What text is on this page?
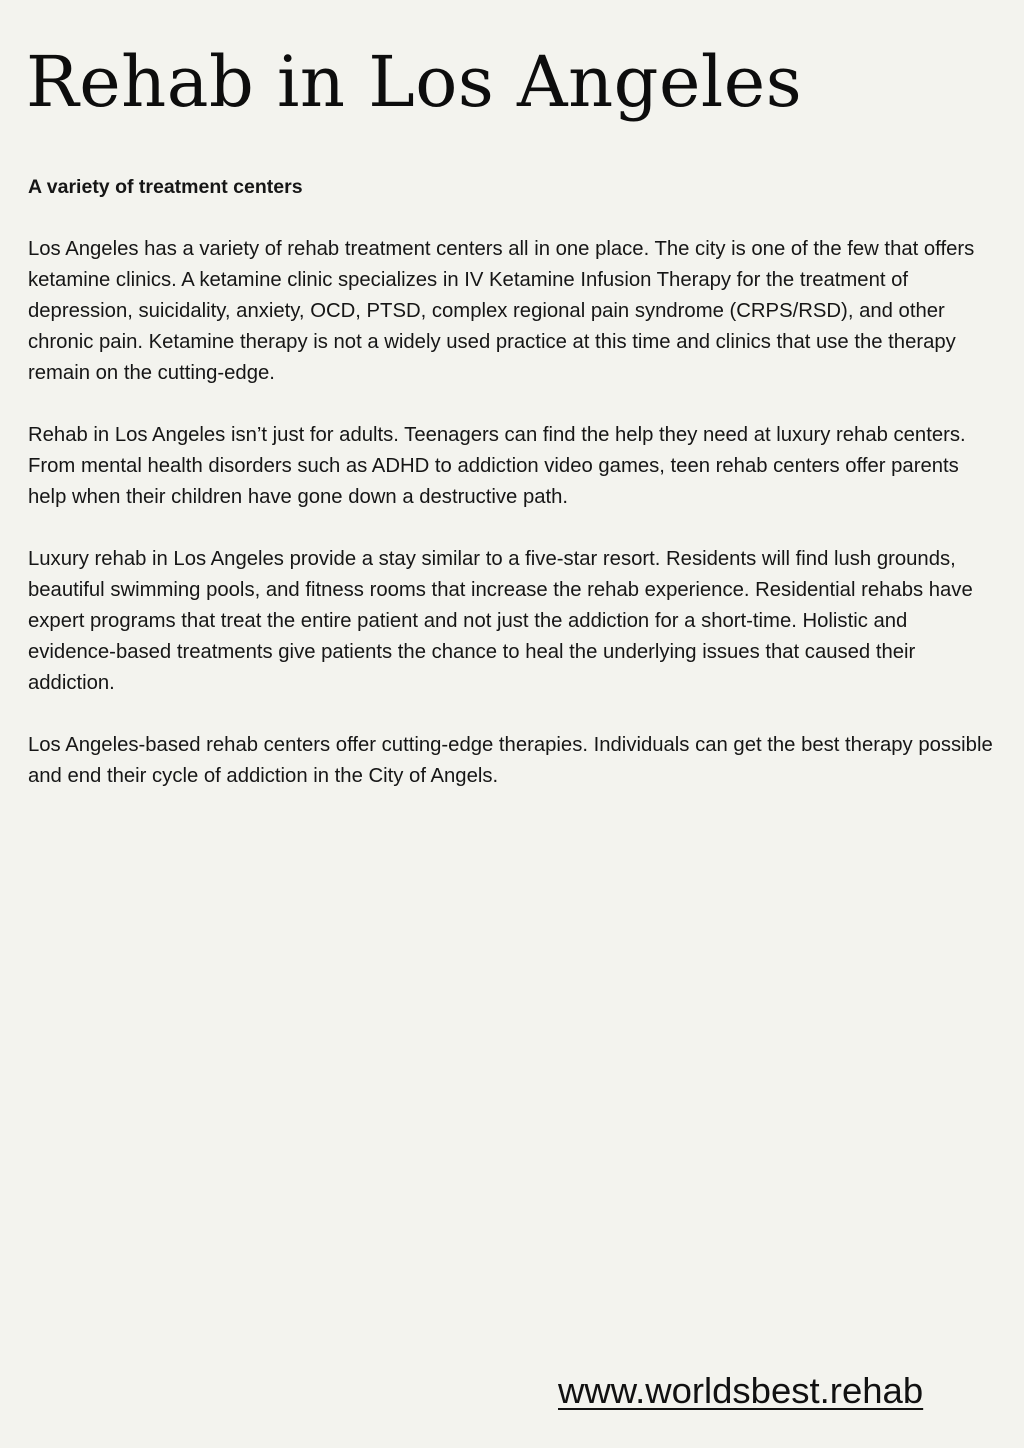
Rehab in Los Angeles

A variety of treatment centers

Los Angeles has a variety of rehab treatment centers all in one place. The city is one of the few that offers ketamine clinics. A ketamine clinic specializes in IV Ketamine Infusion Therapy for the treatment of depression, suicidality, anxiety, OCD, PTSD, complex regional pain syndrome (CRPS/RSD), and other chronic pain. Ketamine therapy is not a widely used practice at this time and clinics that use the therapy remain on the cutting-edge.

Rehab in Los Angeles isn’t just for adults. Teenagers can find the help they need at luxury rehab centers. From mental health disorders such as ADHD to addiction video games, teen rehab centers offer parents help when their children have gone down a destructive path.

Luxury rehab in Los Angeles provide a stay similar to a five-star resort. Residents will find lush grounds, beautiful swimming pools, and fitness rooms that increase the rehab experience. Residential rehabs have expert programs that treat the entire patient and not just the addiction for a short-time. Holistic and evidence-based treatments give patients the chance to heal the underlying issues that caused their addiction.

Los Angeles-based rehab centers offer cutting-edge therapies. Individuals can get the best therapy possible and end their cycle of addiction in the City of Angels.

www.worldsbest.rehab
